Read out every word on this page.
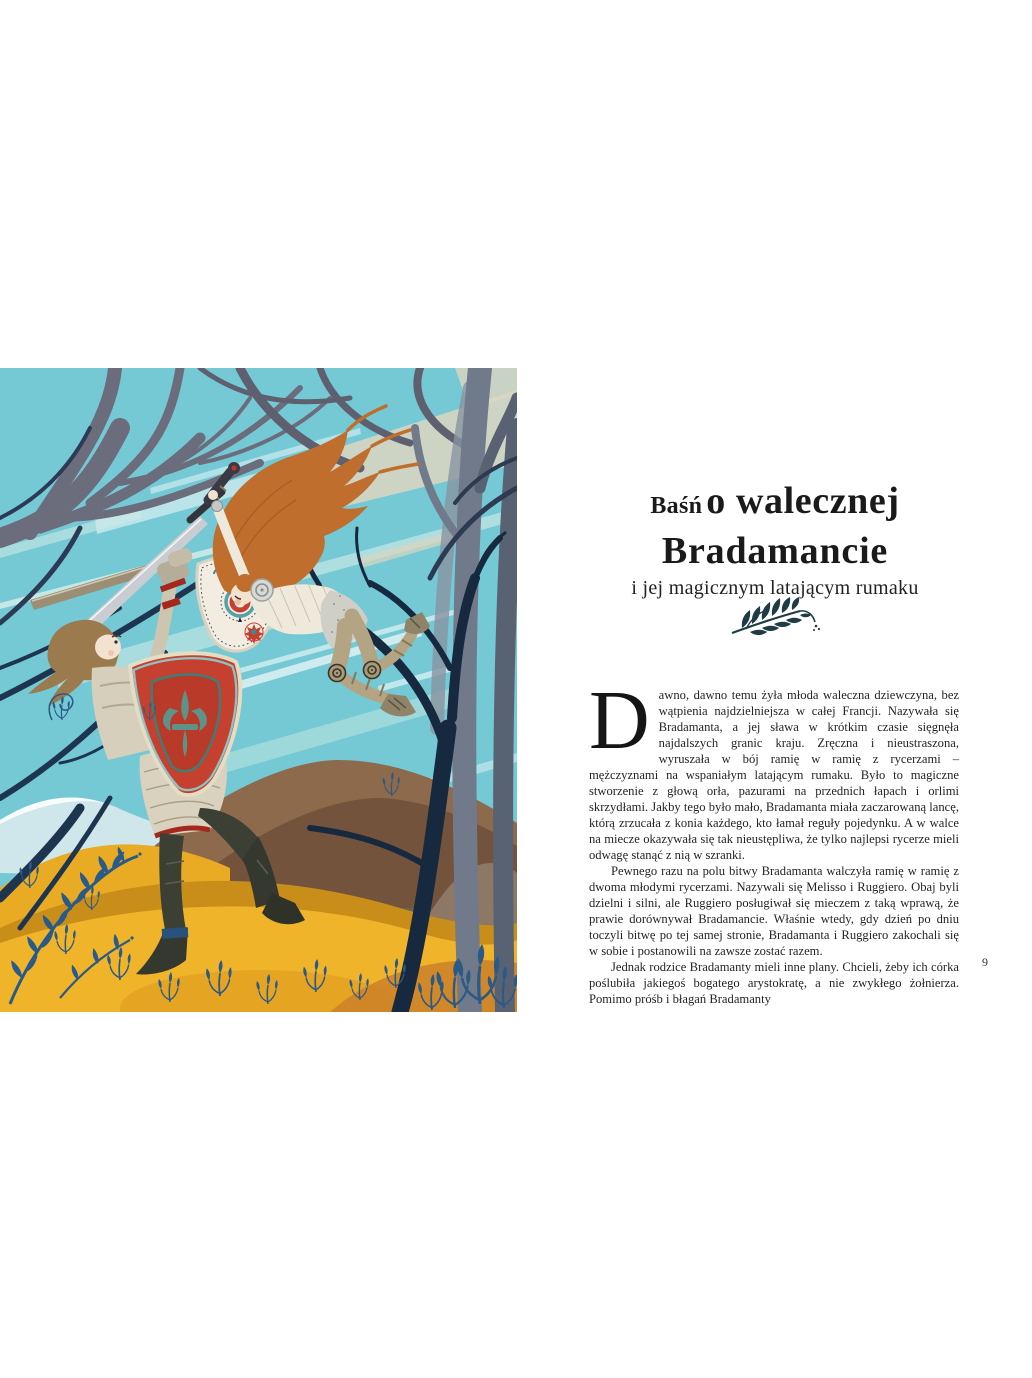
Baśń o walecznej
Bradamancie
i jej magicznym latającym rumaku

Dawno, dawno temu żyła młoda waleczna dziewczyna, bez wątpienia najdzielniejsza w całej Francji. Nazywała się Bradamanta, a jej sława w krótkim czasie sięgnęła najdalszych granic kraju. Zręczna i nieustraszona, wyruszała w bój ramię w ramię z rycerzami – mężczyznami na wspaniałym latającym rumaku. Było to magiczne stworzenie z głową orła, pazurami na przednich łapach i orlimi skrzydłami. Jakby tego było mało, Bradamanta miała zaczarowaną lancę, którą zrzucała z konia każdego, kto łamał reguły pojedynku. A w walce na miecze okazywała się tak nieustępliwa, że tylko najlepsi rycerze mieli odwagę stanąć z nią w szranki.

Pewnego razu na polu bitwy Bradamanta walczyła ramię w ramię z dwoma młodymi rycerzami. Nazywali się Melisso i Ruggiero. Obaj byli dzielni i silni, ale Ruggiero posługiwał się mieczem z taką wprawą, że prawie dorównywał Bradamancie. Właśnie wtedy, gdy dzień po dniu toczyli bitwę po tej samej stronie, Bradamanta i Ruggiero zakochali się w sobie i postanowili na zawsze zostać razem.

Jednak rodzice Bradamanty mieli inne plany. Chcieli, żeby ich córka poślubiła jakiegoś bogatego arystokratę, a nie zwykłego żołnierza. Pomimo próśb i błagań Bradamanty

9
